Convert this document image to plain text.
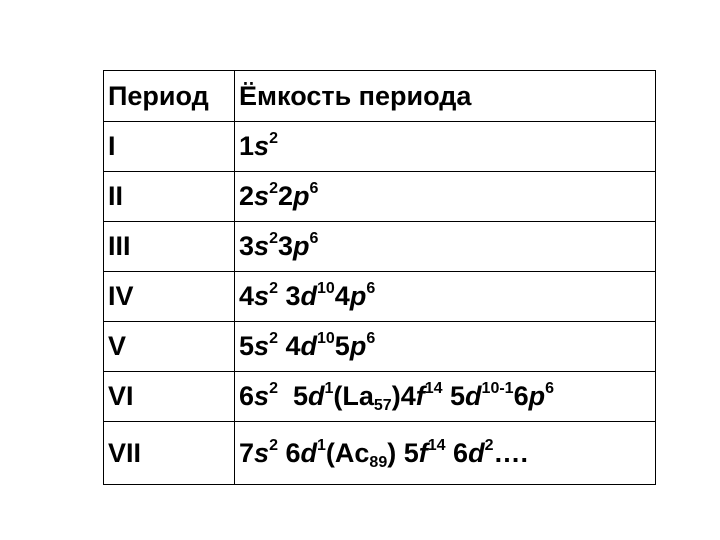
Период	Ёмкость периода
I	$1s^2$
II	$2s^22p^6$
III	$3s^23p^6$
IV	$4s^2$ $3d^{10}4p^6$
V	$5s^2$ $4d^{10}5p^6$
VI	$6s^2$  $5d^1(La_{57})4f^{14}$ $5d^{10-1}6p^6$
VII	$7s^2$ $6d^1(Ac_{89})$ $5f^{14}$ $6d^2\dots$.
